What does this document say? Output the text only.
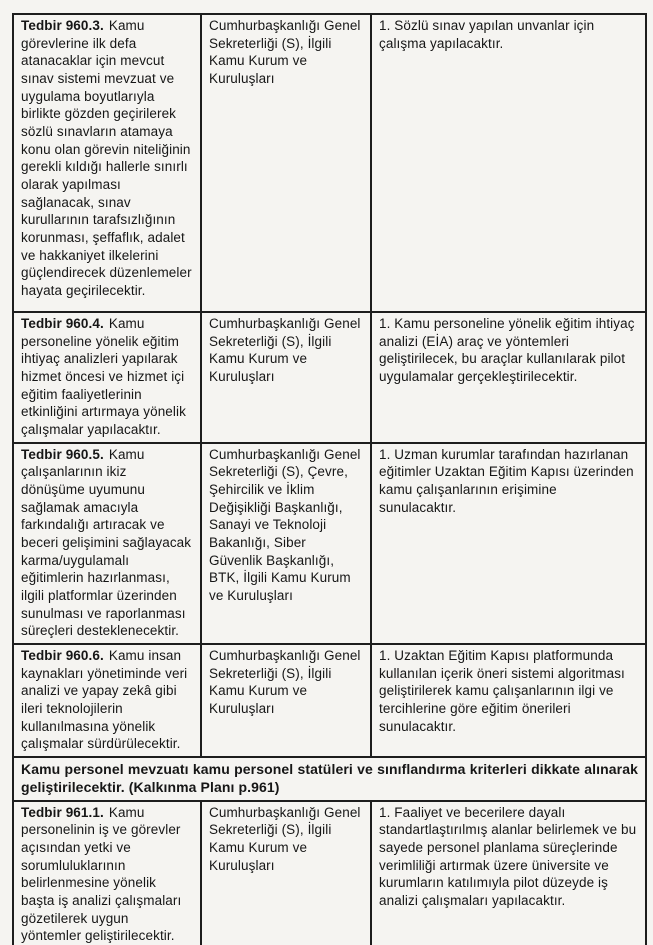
Tedbir 960.3. Kamu görevlerine ilk defa atanacaklar için mevcut sınav sistemi mevzuat ve uygulama boyutlarıyla birlikte gözden geçirilerek sözlü sınavların atamaya konu olan görevin niteliğinin gerekli kıldığı hallerle sınırlı olarak yapılması sağlanacak, sınav kurullarının tarafsızlığının korunması, şeffaflık, adalet ve hakkaniyet ilkelerini güçlendirecek düzenlemeler hayata geçirilecektir.	Cumhurbaşkanlığı Genel Sekreterliği (S), İlgili Kamu Kurum ve Kuruluşları	1. Sözlü sınav yapılan unvanlar için çalışma yapılacaktır.
Tedbir 960.4. Kamu personeline yönelik eğitim ihtiyaç analizleri yapılarak hizmet öncesi ve hizmet içi eğitim faaliyetlerinin etkinliğini artırmaya yönelik çalışmalar yapılacaktır.	Cumhurbaşkanlığı Genel Sekreterliği (S), İlgili Kamu Kurum ve Kuruluşları	1. Kamu personeline yönelik eğitim ihtiyaç analizi (EİA) araç ve yöntemleri geliştirilecek, bu araçlar kullanılarak pilot uygulamalar gerçekleştirilecektir.
Tedbir 960.5. Kamu çalışanlarının ikiz dönüşüme uyumunu sağlamak amacıyla farkındalığı artıracak ve beceri gelişimini sağlayacak karma/uygulamalı eğitimlerin hazırlanması, ilgili platformlar üzerinden sunulması ve raporlanması süreçleri desteklenecektir.	Cumhurbaşkanlığı Genel Sekreterliği (S), Çevre, Şehircilik ve İklim Değişikliği Başkanlığı, Sanayi ve Teknoloji Bakanlığı, Siber Güvenlik Başkanlığı, BTK, İlgili Kamu Kurum ve Kuruluşları	1. Uzman kurumlar tarafından hazırlanan eğitimler Uzaktan Eğitim Kapısı üzerinden kamu çalışanlarının erişimine sunulacaktır.
Tedbir 960.6. Kamu insan kaynakları yönetiminde veri analizi ve yapay zekâ gibi ileri teknolojilerin kullanılmasına yönelik çalışmalar sürdürülecektir.	Cumhurbaşkanlığı Genel Sekreterliği (S), İlgili Kamu Kurum ve Kuruluşları	1. Uzaktan Eğitim Kapısı platformunda kullanılan içerik öneri sistemi algoritması geliştirilerek kamu çalışanlarının ilgi ve tercihlerine göre eğitim önerileri sunulacaktır.
Kamu personel mevzuatı kamu personel statüleri ve sınıflandırma kriterleri dikkate alınarak geliştirilecektir. (Kalkınma Planı p.961)		
Tedbir 961.1. Kamu personelinin iş ve görevler açısından yetki ve sorumluluklarının belirlenmesine yönelik başta iş analizi çalışmaları gözetilerek uygun yöntemler geliştirilecektir.	Cumhurbaşkanlığı Genel Sekreterliği (S), İlgili Kamu Kurum ve Kuruluşları	1. Faaliyet ve becerilere dayalı standartlaştırılmış alanlar belirlemek ve bu sayede personel planlama süreçlerinde verimliliği artırmak üzere üniversite ve kurumların katılımıyla pilot düzeyde iş analizi çalışmaları yapılacaktır.
